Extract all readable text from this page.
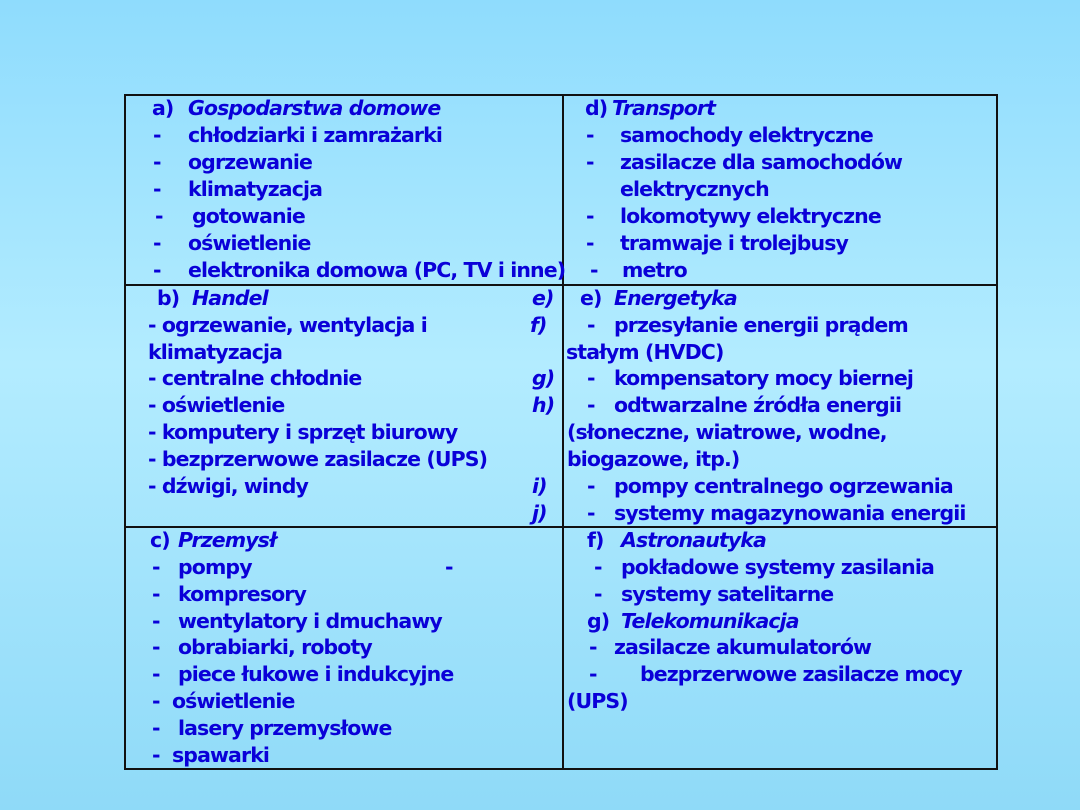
a) Gospodarstwa domowe
- chłodziarki i zamrażarki
- ogrzewanie
- klimatyzacja
- gotowanie
- oświetlenie
- elektronika domowa (PC, TV i inne)
d) Transport
- samochody elektryczne
- zasilacze dla samochodów
elektrycznych
- lokomotywy elektryczne
- tramwaje i trolejbusy
- metro
b) Handel
- ogrzewanie, wentylacja i
klimatyzacja
- centralne chłodnie
- oświetlenie
- komputery i sprzęt biurowy
- bezprzerwowe zasilacze (UPS)
- dźwigi, windy
e)
f)
g)
h)
i)
j)
e) Energetyka
- przesyłanie energii prądem
stałym (HVDC)
- kompensatory mocy biernej
- odtwarzalne źródła energii
(słoneczne, wiatrowe, wodne,
biogazowe, itp.)
- pompy centralnego ogrzewania
- systemy magazynowania energii
c) Przemysł
- pompy	-
- kompresory
- wentylatory i dmuchawy
- obrabiarki, roboty
- piece łukowe i indukcyjne
- oświetlenie
- lasery przemysłowe
- spawarki
f) Astronautyka
- pokładowe systemy zasilania
- systemy satelitarne
g) Telekomunikacja
- zasilacze akumulatorów
- bezprzerwowe zasilacze mocy
(UPS)
